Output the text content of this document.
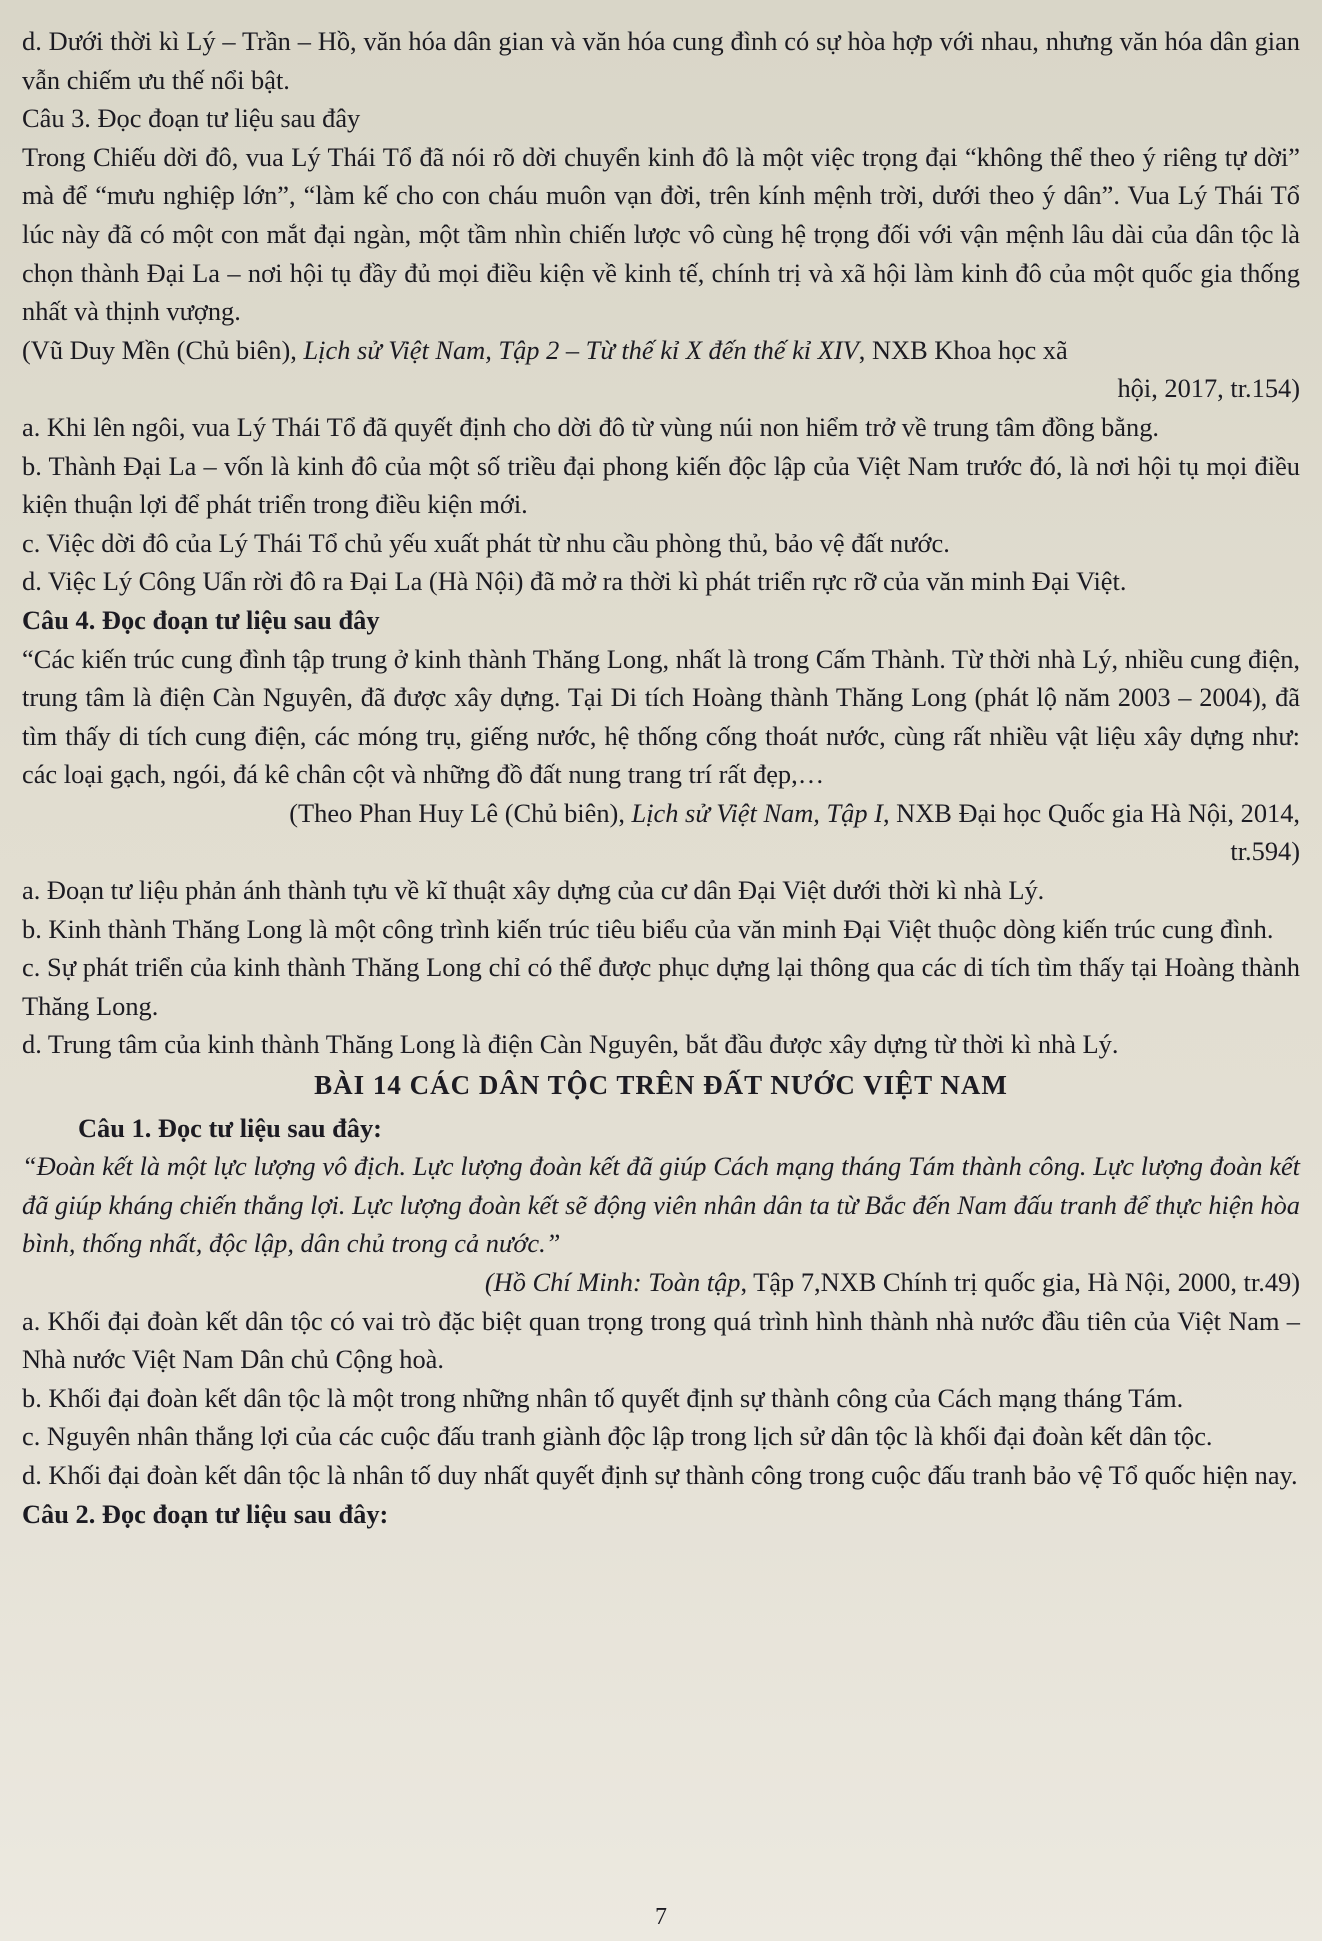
d. Dưới thời kì Lý – Trần – Hồ, văn hóa dân gian và văn hóa cung đình có sự hòa hợp với nhau, nhưng văn hóa dân gian vẫn chiếm ưu thế nổi bật.

Câu 3. Đọc đoạn tư liệu sau đây

Trong Chiếu dời đô, vua Lý Thái Tổ đã nói rõ dời chuyển kinh đô là một việc trọng đại “không thể theo ý riêng tự dời” mà để “mưu nghiệp lớn”, “làm kế cho con cháu muôn vạn đời, trên kính mệnh trời, dưới theo ý dân”. Vua Lý Thái Tổ lúc này đã có một con mắt đại ngàn, một tầm nhìn chiến lược vô cùng hệ trọng đối với vận mệnh lâu dài của dân tộc là chọn thành Đại La – nơi hội tụ đầy đủ mọi điều kiện về kinh tế, chính trị và xã hội làm kinh đô của một quốc gia thống nhất và thịnh vượng.

(Vũ Duy Mền (Chủ biên), Lịch sử Việt Nam, Tập 2 – Từ thế kỉ X đến thế kỉ XIV, NXB Khoa học xã

hội, 2017, tr.154)

a. Khi lên ngôi, vua Lý Thái Tổ đã quyết định cho dời đô từ vùng núi non hiểm trở về trung tâm đồng bằng.

b. Thành Đại La – vốn là kinh đô của một số triều đại phong kiến độc lập của Việt Nam trước đó, là nơi hội tụ mọi điều kiện thuận lợi để phát triển trong điều kiện mới.

c. Việc dời đô của Lý Thái Tổ chủ yếu xuất phát từ nhu cầu phòng thủ, bảo vệ đất nước.

d. Việc Lý Công Uẩn rời đô ra Đại La (Hà Nội) đã mở ra thời kì phát triển rực rỡ của văn minh Đại Việt.

Câu 4. Đọc đoạn tư liệu sau đây

“Các kiến trúc cung đình tập trung ở kinh thành Thăng Long, nhất là trong Cấm Thành. Từ thời nhà Lý, nhiều cung điện, trung tâm là điện Càn Nguyên, đã được xây dựng. Tại Di tích Hoàng thành Thăng Long (phát lộ năm 2003 – 2004), đã tìm thấy di tích cung điện, các móng trụ, giếng nước, hệ thống cống thoát nước, cùng rất nhiều vật liệu xây dựng như: các loại gạch, ngói, đá kê chân cột và những đồ đất nung trang trí rất đẹp,…

(Theo Phan Huy Lê (Chủ biên), Lịch sử Việt Nam, Tập I, NXB Đại học Quốc gia Hà Nội, 2014,

tr.594)

a. Đoạn tư liệu phản ánh thành tựu về kĩ thuật xây dựng của cư dân Đại Việt dưới thời kì nhà Lý.

b. Kinh thành Thăng Long là một công trình kiến trúc tiêu biểu của văn minh Đại Việt thuộc dòng kiến trúc cung đình.

c. Sự phát triển của kinh thành Thăng Long chỉ có thể được phục dựng lại thông qua các di tích tìm thấy tại Hoàng thành Thăng Long.

d. Trung tâm của kinh thành Thăng Long là điện Càn Nguyên, bắt đầu được xây dựng từ thời kì nhà Lý.

BÀI 14 CÁC DÂN TỘC TRÊN ĐẤT NƯỚC VIỆT NAM

Câu 1. Đọc tư liệu sau đây:

“Đoàn kết là một lực lượng vô địch. Lực lượng đoàn kết đã giúp Cách mạng tháng Tám thành công. Lực lượng đoàn kết đã giúp kháng chiến thắng lợi. Lực lượng đoàn kết sẽ động viên nhân dân ta từ Bắc đến Nam đấu tranh để thực hiện hòa bình, thống nhất, độc lập, dân chủ trong cả nước.”

(Hồ Chí Minh: Toàn tập, Tập 7,NXB Chính trị quốc gia, Hà Nội, 2000, tr.49)

a. Khối đại đoàn kết dân tộc có vai trò đặc biệt quan trọng trong quá trình hình thành nhà nước đầu tiên của Việt Nam – Nhà nước Việt Nam Dân chủ Cộng hoà.

b. Khối đại đoàn kết dân tộc là một trong những nhân tố quyết định sự thành công của Cách mạng tháng Tám.

c. Nguyên nhân thắng lợi của các cuộc đấu tranh giành độc lập trong lịch sử dân tộc là khối đại đoàn kết dân tộc.

d. Khối đại đoàn kết dân tộc là nhân tố duy nhất quyết định sự thành công trong cuộc đấu tranh bảo vệ Tổ quốc hiện nay.

Câu 2. Đọc đoạn tư liệu sau đây:

7
